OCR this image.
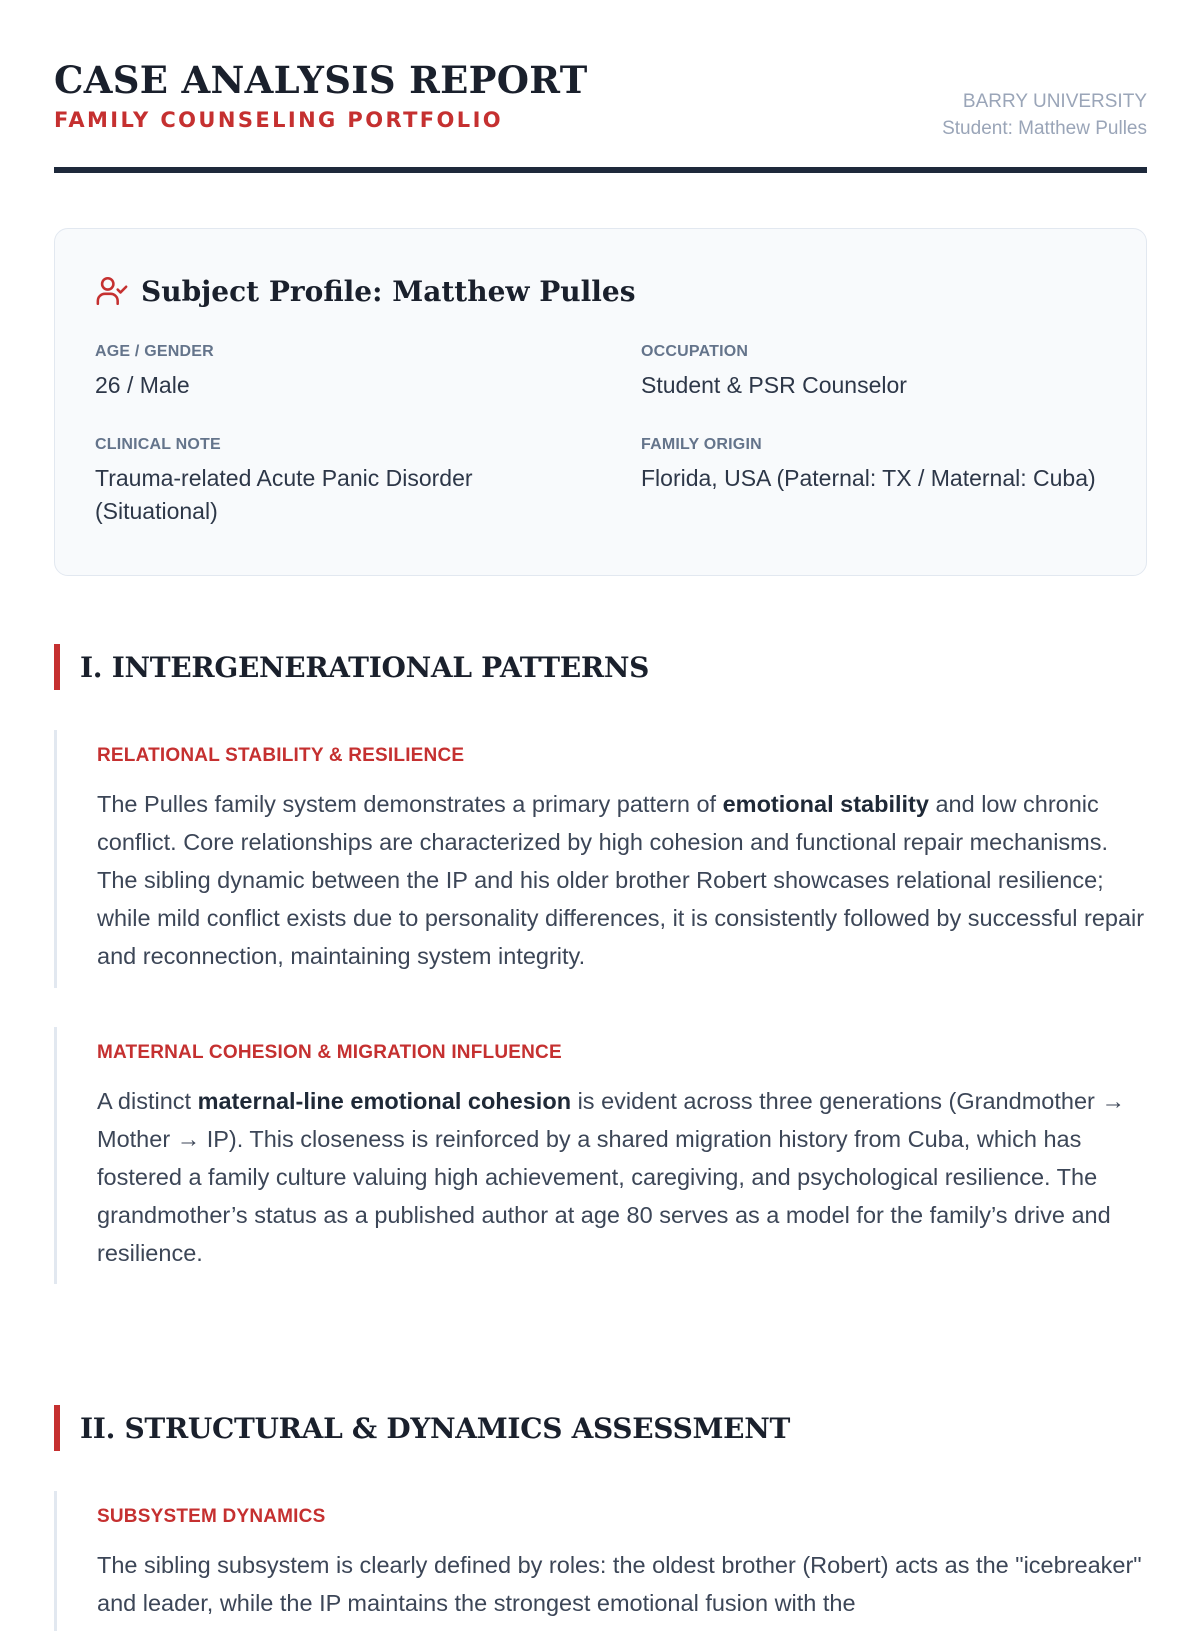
CASE ANALYSIS REPORT
FAMILY COUNSELING PORTFOLIO
BARRY UNIVERSITY
Student: Matthew Pulles
Subject Profile: Matthew Pulles
AGE / GENDER
26 / Male
OCCUPATION
Student & PSR Counselor
CLINICAL NOTE
Trauma-related Acute Panic Disorder (Situational)
FAMILY ORIGIN
Florida, USA (Paternal: TX / Maternal: Cuba)
I. INTERGENERATIONAL PATTERNS
RELATIONAL STABILITY & RESILIENCE
The Pulles family system demonstrates a primary pattern of emotional stability and low chronic conflict. Core relationships are characterized by high cohesion and functional repair mechanisms. The sibling dynamic between the IP and his older brother Robert showcases relational resilience; while mild conflict exists due to personality differences, it is consistently followed by successful repair and reconnection, maintaining system integrity.
MATERNAL COHESION & MIGRATION INFLUENCE
A distinct maternal-line emotional cohesion is evident across three generations (Grandmother → Mother → IP). This closeness is reinforced by a shared migration history from Cuba, which has fostered a family culture valuing high achievement, caregiving, and psychological resilience. The grandmother’s status as a published author at age 80 serves as a model for the family’s drive and resilience.
II. STRUCTURAL & DYNAMICS ASSESSMENT
SUBSYSTEM DYNAMICS
The sibling subsystem is clearly defined by roles: the oldest brother (Robert) acts as the "icebreaker" and leader, while the IP maintains the strongest emotional fusion with the
